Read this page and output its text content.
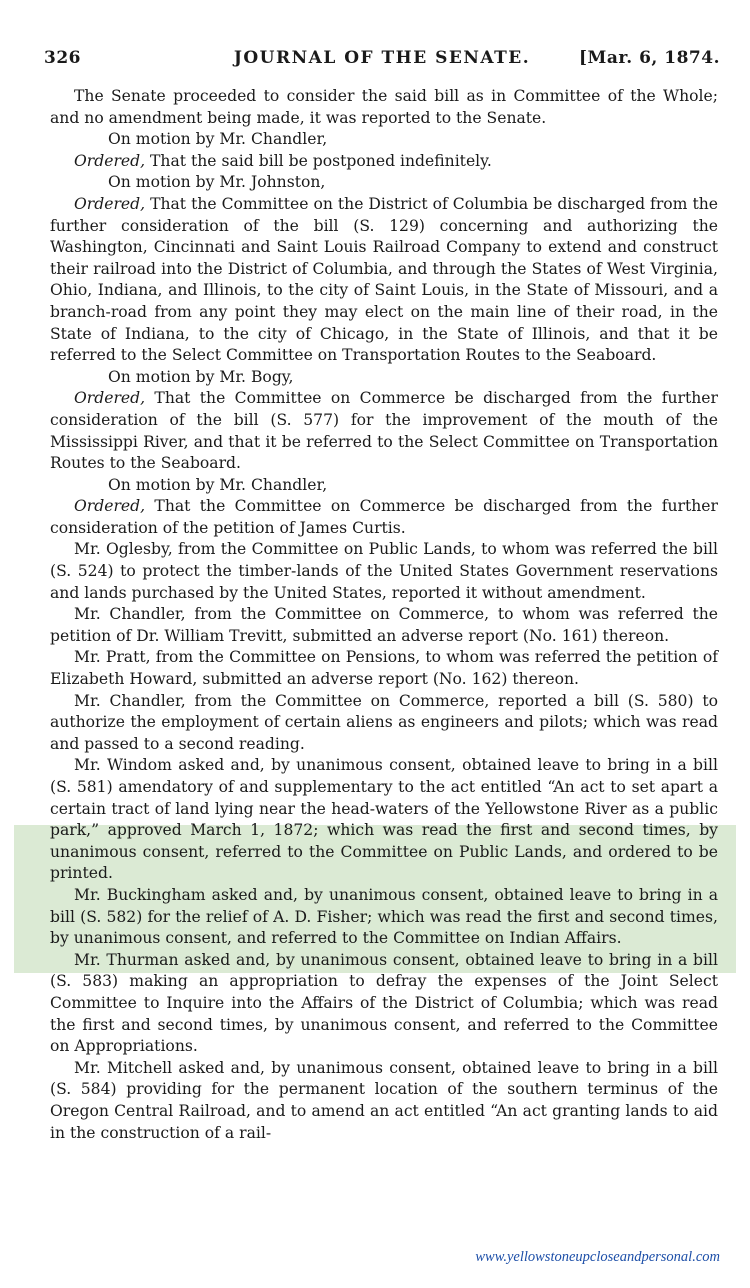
326	JOURNAL OF THE SENATE.	[Mar. 6, 1874.

The Senate proceeded to consider the said bill as in Committee of the Whole; and no amendment being made, it was reported to the Senate.

On motion by Mr. Chandler,

Ordered, That the said bill be postponed indefinitely.

On motion by Mr. Johnston,

Ordered, That the Committee on the District of Columbia be discharged from the further consideration of the bill (S. 129) concerning and authorizing the Washington, Cincinnati and Saint Louis Railroad Company to extend and construct their railroad into the District of Columbia, and through the States of West Virginia, Ohio, Indiana, and Illinois, to the city of Saint Louis, in the State of Missouri, and a branch-road from any point they may elect on the main line of their road, in the State of Indiana, to the city of Chicago, in the State of Illinois, and that it be referred to the Select Committee on Transportation Routes to the Seaboard.

On motion by Mr. Bogy,

Ordered, That the Committee on Commerce be discharged from the further consideration of the bill (S. 577) for the improvement of the mouth of the Mississippi River, and that it be referred to the Select Committee on Transportation Routes to the Seaboard.

On motion by Mr. Chandler,

Ordered, That the Committee on Commerce be discharged from the further consideration of the petition of James Curtis.

Mr. Oglesby, from the Committee on Public Lands, to whom was referred the bill (S. 524) to protect the timber-lands of the United States Government reservations and lands purchased by the United States, reported it without amendment.

Mr. Chandler, from the Committee on Commerce, to whom was referred the petition of Dr. William Trevitt, submitted an adverse report (No. 161) thereon.

Mr. Pratt, from the Committee on Pensions, to whom was referred the petition of Elizabeth Howard, submitted an adverse report (No. 162) thereon.

Mr. Chandler, from the Committee on Commerce, reported a bill (S. 580) to authorize the employment of certain aliens as engineers and pilots; which was read and passed to a second reading.

Mr. Windom asked and, by unanimous consent, obtained leave to bring in a bill (S. 581) amendatory of and supplementary to the act entitled “An act to set apart a certain tract of land lying near the head-waters of the Yellowstone River as a public park,” approved March 1, 1872; which was read the first and second times, by unanimous consent, referred to the Committee on Public Lands, and ordered to be printed.

Mr. Buckingham asked and, by unanimous consent, obtained leave to bring in a bill (S. 582) for the relief of A. D. Fisher; which was read the first and second times, by unanimous consent, and referred to the Committee on Indian Affairs.

Mr. Thurman asked and, by unanimous consent, obtained leave to bring in a bill (S. 583) making an appropriation to defray the expenses of the Joint Select Committee to Inquire into the Affairs of the District of Columbia; which was read the first and second times, by unanimous consent, and referred to the Committee on Appropriations.

Mr. Mitchell asked and, by unanimous consent, obtained leave to bring in a bill (S. 584) providing for the permanent location of the southern terminus of the Oregon Central Railroad, and to amend an act entitled “An act granting lands to aid in the construction of a rail-

www.yellowstoneupcloseandpersonal.com
